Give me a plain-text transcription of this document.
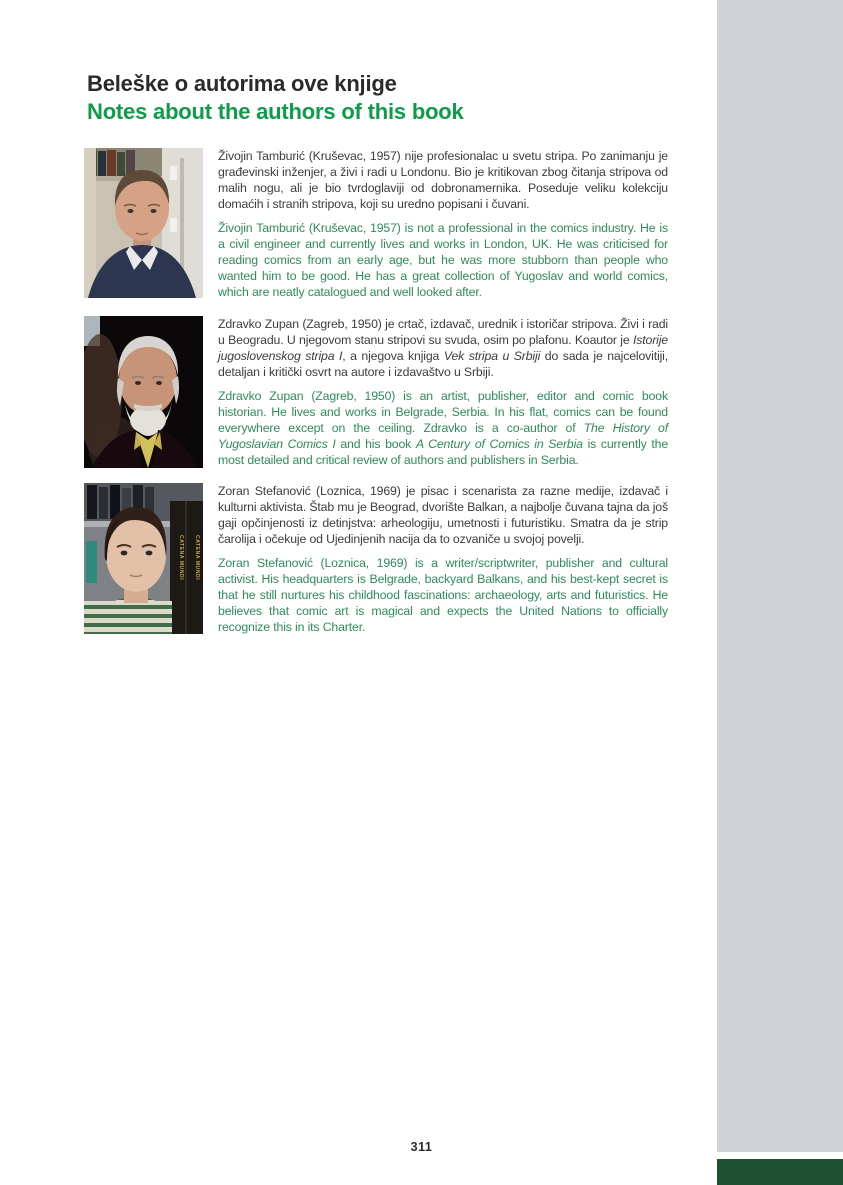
Beleške o autorima ove knjige
Notes about the authors of this book

Živojin Tamburić (Kruševac, 1957) nije profesionalac u svetu stripa. Po zanimanju je građevinski inženjer, a živi i radi u Londonu. Bio je kritikovan zbog čitanja stripova od malih nogu, ali je bio tvrdoglaviji od dobronamernika. Poseduje veliku kolekciju domaćih i stranih stripova, koji su uredno popisani i čuvani.

Živojin Tamburić (Kruševac, 1957) is not a professional in the comics industry. He is a civil engineer and currently lives and works in London, UK. He was criticised for reading comics from an early age, but he was more stubborn than people who wanted him to be good. He has a great collection of Yugoslav and world comics, which are neatly catalogued and well looked after.

Zdravko Zupan (Zagreb, 1950) je crtač, izdavač, urednik i istoričar stripova. Živi i radi u Beogradu. U njegovom stanu stripovi su svuda, osim po plafonu. Koautor je Istorije jugoslovenskog stripa I, a njegova knjiga Vek stripa u Srbiji do sada je najcelovitiji, detaljan i kritički osvrt na autore i izdavaštvo u Srbiji.

Zdravko Zupan (Zagreb, 1950) is an artist, publisher, editor and comic book historian. He lives and works in Belgrade, Serbia. In his flat, comics can be found everywhere except on the ceiling. Zdravko is a co-author of The History of Yugoslavian Comics I and his book A Century of Comics in Serbia is currently the most detailed and critical review of authors and publishers in Serbia.

CATENA MUNDI CATENA MUNDI

Zoran Stefanović (Loznica, 1969) je pisac i scenarista za razne medije, izdavač i kulturni aktivista. Štab mu je Beograd, dvorište Balkan, a najbolje čuvana tajna da još gaji opčinjenosti iz detinjstva: arheologiju, umetnosti i futuristiku. Smatra da je strip čarolija i očekuje od Ujedinjenih nacija da to ozvaniče u svojoj povelji.

Zoran Stefanović (Loznica, 1969) is a writer/scriptwriter, publisher and cultural activist. His headquarters is Belgrade, backyard Balkans, and his best-kept secret is that he still nurtures his childhood fascinations: archaeology, arts and futuristics. He believes that comic art is magical and expects the United Nations to officially recognize this in its Charter.

311
